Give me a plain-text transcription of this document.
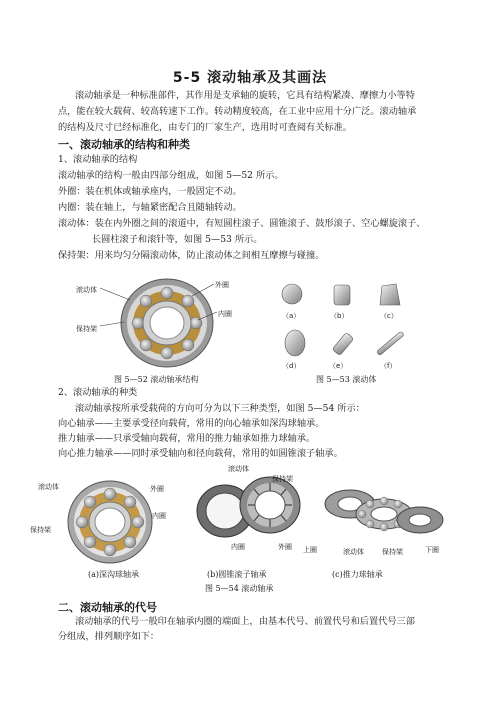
5-5 滚动轴承及其画法
滚动轴承是一种标准部件，其作用是支承轴的旋转，它具有结构紧凑、摩擦力小等特
点，能在较大载荷、较高转速下工作。转动精度较高，在工业中应用十分广泛。滚动轴承
的结构及尺寸已经标准化，由专门的厂家生产，选用时可查阅有关标准。
一、滚动轴承的结构和种类
1、滚动轴承的结构
滚动轴承的结构一般由四部分组成，如图 5—52 所示。
外圈：装在机体或轴承座内，一般固定不动。
内圈：装在轴上，与轴紧密配合且随轴转动。
滚动体：装在内外圈之间的滚道中，有短圆柱滚子、圆锥滚子、鼓形滚子、空心螺旋滚子、
长圆柱滚子和滚针等，如图 5—53 所示。
保持架：用来均匀分隔滚动体，防止滚动体之间相互摩擦与碰撞。
滚动体
外圈
内圈
保持架
图 5—52 滚动轴承结构
（a）	（b）	（c）
（d）	（e）	（f）
图 5—53 滚动体
2、滚动轴承的种类
滚动轴承按所承受载荷的方向可分为以下三种类型，如图 5—54 所示：
向心轴承——主要承受径向载荷，常用的向心轴承如深沟球轴承。
推力轴承——只承受轴向载荷，常用的推力轴承如推力球轴承。
向心推力轴承——同时承受轴向和径向载荷，常用的如圆锥滚子轴承。
滚动体	外圈
保持架
内圈
滚动体
保持架
内圈	外圈 上圈	滚动体	保持架	下圈
(a)深沟球轴承	(b)圆锥滚子轴承	(c)推力球轴承
图 5—54 滚动轴承
二、滚动轴承的代号
滚动轴承的代号一般印在轴承内圈的端面上，由基本代号、前置代号和后置代号三部
分组成，排列顺序如下：
